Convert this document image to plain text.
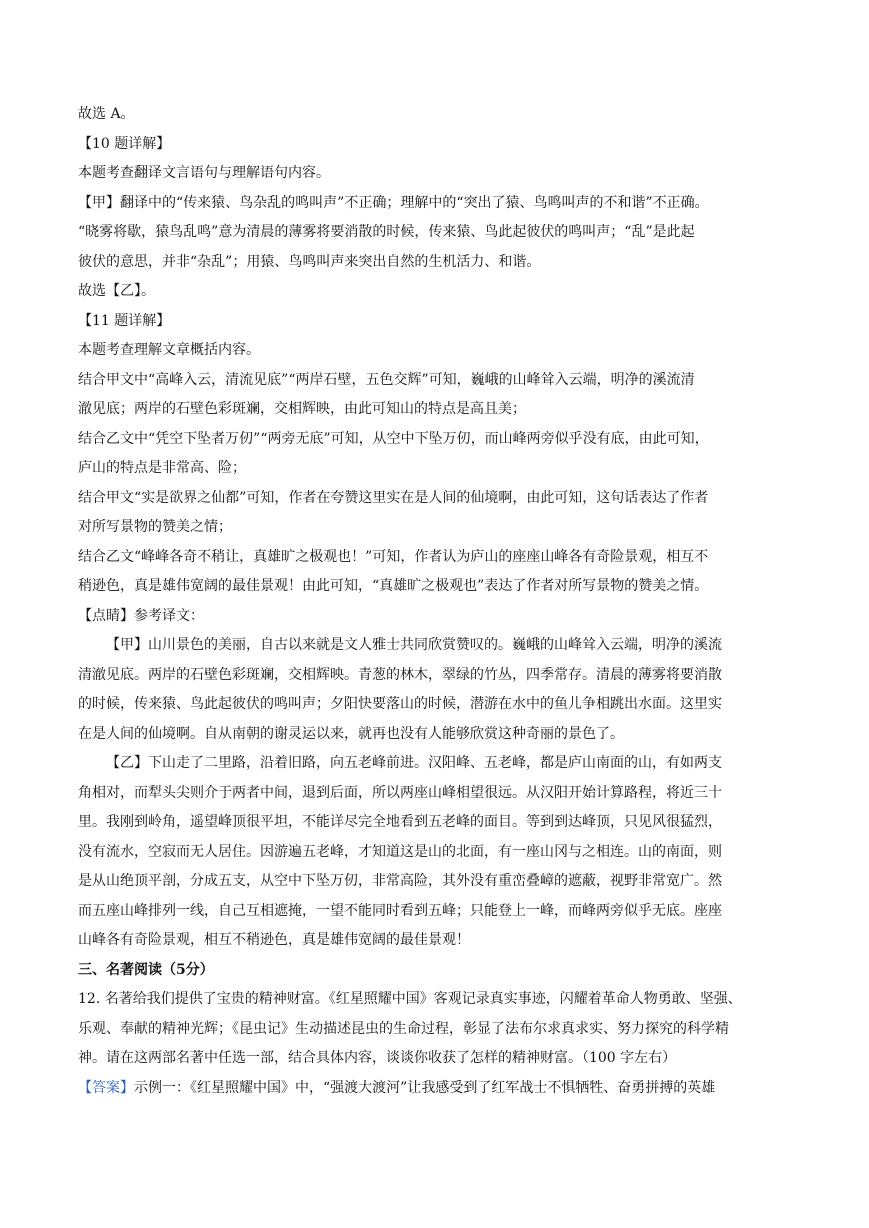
故选 A。
【10 题详解】
本题考查翻译文言语句与理解语句内容。
【甲】翻译中的“传来猿、鸟杂乱的鸣叫声”不正确；理解中的“突出了猿、鸟鸣叫声的不和谐”不正确。
“晓雾将歇，猿鸟乱鸣”意为清晨的薄雾将要消散的时候，传来猿、鸟此起彼伏的鸣叫声；“乱”是此起
彼伏的意思，并非“杂乱”；用猿、鸟鸣叫声来突出自然的生机活力、和谐。
故选【乙】。
【11 题详解】
本题考查理解文章概括内容。
结合甲文中“高峰入云，清流见底”“两岸石壁，五色交辉”可知，巍峨的山峰耸入云端，明净的溪流清
澈见底；两岸的石壁色彩斑斓，交相辉映，由此可知山的特点是高且美；
结合乙文中“凭空下坠者万仞”“两旁无底”可知，从空中下坠万仞，而山峰两旁似乎没有底，由此可知，
庐山的特点是非常高、险；
结合甲文“实是欲界之仙都”可知，作者在夸赞这里实在是人间的仙境啊，由此可知，这句话表达了作者
对所写景物的赞美之情；
结合乙文“峰峰各奇不稍让，真雄旷之极观也！”可知，作者认为庐山的座座山峰各有奇险景观，相互不
稍逊色，真是雄伟宽阔的最佳景观！由此可知，“真雄旷之极观也”表达了作者对所写景物的赞美之情。
【点睛】参考译文：
【甲】山川景色的美丽，自古以来就是文人雅士共同欣赏赞叹的。巍峨的山峰耸入云端，明净的溪流
清澈见底。两岸的石壁色彩斑斓，交相辉映。青葱的林木，翠绿的竹丛，四季常存。清晨的薄雾将要消散
的时候，传来猿、鸟此起彼伏的鸣叫声；夕阳快要落山的时候，潜游在水中的鱼儿争相跳出水面。这里实
在是人间的仙境啊。自从南朝的谢灵运以来，就再也没有人能够欣赏这种奇丽的景色了。
【乙】下山走了二里路，沿着旧路，向五老峰前进。汉阳峰、五老峰，都是庐山南面的山，有如两支
角相对，而犁头尖则介于两者中间，退到后面，所以两座山峰相望很远。从汉阳开始计算路程，将近三十
里。我刚到岭角，遥望峰顶很平坦，不能详尽完全地看到五老峰的面目。等到到达峰顶，只见风很猛烈，
没有流水，空寂而无人居住。因游遍五老峰，才知道这是山的北面，有一座山冈与之相连。山的南面，则
是从山绝顶平剖，分成五支，从空中下坠万仞，非常高险，其外没有重峦叠嶂的遮蔽，视野非常宽广。然
而五座山峰排列一线，自己互相遮掩，一望不能同时看到五峰；只能登上一峰，而峰两旁似乎无底。座座
山峰各有奇险景观，相互不稍逊色，真是雄伟宽阔的最佳景观！
三、名著阅读（5分）
12. 名著给我们提供了宝贵的精神财富。《红星照耀中国》客观记录真实事迹，闪耀着革命人物勇敢、坚强、
乐观、奉献的精神光辉；《昆虫记》生动描述昆虫的生命过程，彰显了法布尔求真求实、努力探究的科学精
神。请在这两部名著中任选一部，结合具体内容，谈谈你收获了怎样的精神财富。（100 字左右）
【答案】示例一：《红星照耀中国》中，“强渡大渡河”让我感受到了红军战士不惧牺牲、奋勇拼搏的英雄
